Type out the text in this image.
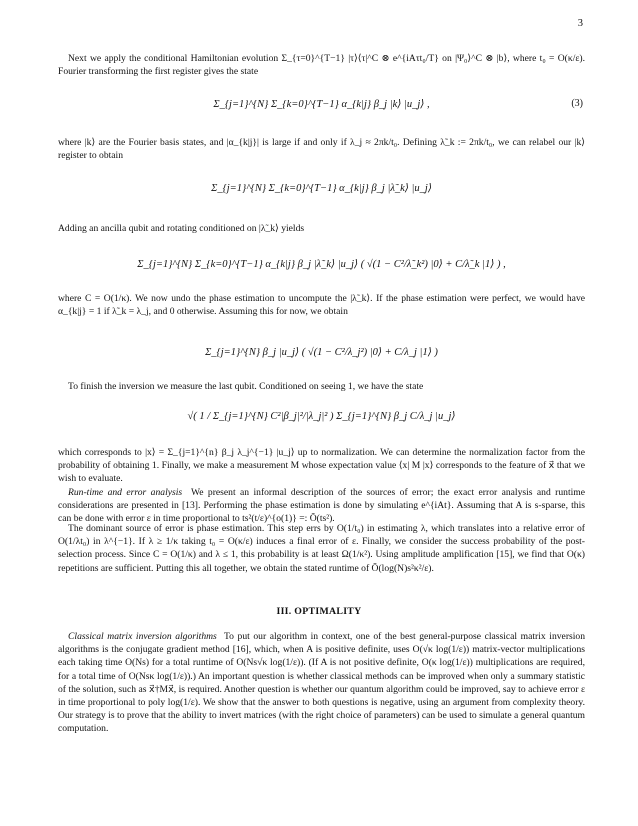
3
Next we apply the conditional Hamiltonian evolution Σ_{τ=0}^{T−1} |τ⟩⟨τ|^C ⊗ e^{iAτt₀/T} on |Ψ₀⟩^C ⊗ |b⟩, where t₀ = O(κ/ε). Fourier transforming the first register gives the state
Σ_{j=1}^{N} Σ_{k=0}^{T−1} α_{k|j} β_j |k⟩ |u_j⟩ ,	(3)
where |k⟩ are the Fourier basis states, and |α_{k|j}| is large if and only if λ_j ≈ 2πk/t₀. Defining λ̃_k := 2πk/t₀, we can relabel our |k⟩ register to obtain
Σ_{j=1}^{N} Σ_{k=0}^{T−1} α_{k|j} β_j |λ̃_k⟩ |u_j⟩
Adding an ancilla qubit and rotating conditioned on |λ̃_k⟩ yields
Σ_{j=1}^{N} Σ_{k=0}^{T−1} α_{k|j} β_j |λ̃_k⟩ |u_j⟩ ( √(1 − C²/λ̃_k²) |0⟩ + C/λ̃_k |1⟩ ) ,
where C = O(1/κ). We now undo the phase estimation to uncompute the |λ̃_k⟩. If the phase estimation were perfect, we would have α_{k|j} = 1 if λ̃_k = λ_j, and 0 otherwise. Assuming this for now, we obtain
Σ_{j=1}^{N} β_j |u_j⟩ ( √(1 − C²/λ_j²) |0⟩ + C/λ_j |1⟩ )
To finish the inversion we measure the last qubit. Conditioned on seeing 1, we have the state
√( 1 / Σ_{j=1}^{N} C²|β_j|²/|λ_j|² ) Σ_{j=1}^{N} β_j C/λ_j |u_j⟩
which corresponds to |x⟩ = Σ_{j=1}^{n} β_j λ_j^{−1} |u_j⟩ up to normalization. We can determine the normalization factor from the probability of obtaining 1. Finally, we make a measurement M whose expectation value ⟨x| M |x⟩ corresponds to the feature of x⃗ that we wish to evaluate.
Run-time and error analysis We present an informal description of the sources of error; the exact error analysis and runtime considerations are presented in [13]. Performing the phase estimation is done by simulating e^{iAt}. Assuming that A is s-sparse, this can be done with error ε in time proportional to ts²(t/ε)^{o(1)} =: Õ(ts²).
The dominant source of error is phase estimation. This step errs by O(1/t₀) in estimating λ, which translates into a relative error of O(1/λt₀) in λ^{−1}. If λ ≥ 1/κ taking t₀ = O(κ/ε) induces a final error of ε. Finally, we consider the success probability of the post-selection process. Since C = O(1/κ) and λ ≤ 1, this probability is at least Ω(1/κ²). Using amplitude amplification [15], we find that O(κ) repetitions are sufficient. Putting this all together, we obtain the stated runtime of Õ(log(N)s²κ²/ε).
III. OPTIMALITY
Classical matrix inversion algorithms To put our algorithm in context, one of the best general-purpose classical matrix inversion algorithms is the conjugate gradient method [16], which, when A is positive definite, uses O(√κ log(1/ε)) matrix-vector multiplications each taking time O(Ns) for a total runtime of O(Ns√κ log(1/ε)). (If A is not positive definite, O(κ log(1/ε)) multiplications are required, for a total time of O(Nsκ log(1/ε)).) An important question is whether classical methods can be improved when only a summary statistic of the solution, such as x⃗†Mx⃗, is required. Another question is whether our quantum algorithm could be improved, say to achieve error ε in time proportional to poly log(1/ε). We show that the answer to both questions is negative, using an argument from complexity theory. Our strategy is to prove that the ability to invert matrices (with the right choice of parameters) can be used to simulate a general quantum computation.
